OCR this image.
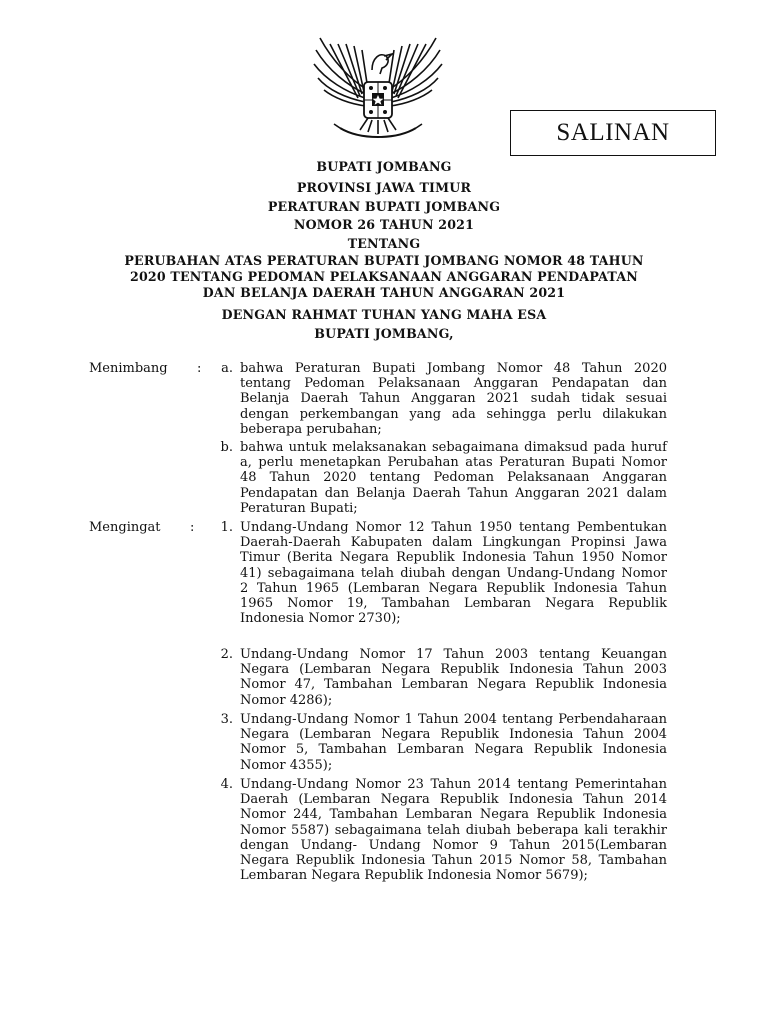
SALINAN
BUPATI JOMBANG
PROVINSI JAWA TIMUR
PERATURAN BUPATI JOMBANG
NOMOR 26 TAHUN 2021
TENTANG
PERUBAHAN ATAS PERATURAN BUPATI JOMBANG NOMOR 48 TAHUN
2020 TENTANG PEDOMAN PELAKSANAAN ANGGARAN PENDAPATAN
DAN BELANJA DAERAH TAHUN ANGGARAN 2021
DENGAN RAHMAT TUHAN YANG MAHA ESA
BUPATI JOMBANG,
Menimbang :	a. bahwa Peraturan Bupati Jombang Nomor 48 Tahun 2020 tentang Pedoman Pelaksanaan Anggaran Pendapatan dan Belanja Daerah Tahun Anggaran 2021 sudah tidak sesuai dengan perkembangan yang ada sehingga perlu dilakukan beberapa perubahan;
b. bahwa untuk melaksanakan sebagaimana dimaksud pada huruf a, perlu menetapkan Perubahan atas Peraturan Bupati Nomor 48 Tahun 2020 tentang Pedoman Pelaksanaan Anggaran Pendapatan dan Belanja Daerah Tahun Anggaran 2021 dalam Peraturan Bupati;
Mengingat :	1. Undang-Undang Nomor 12 Tahun 1950 tentang Pembentukan Daerah-Daerah Kabupaten dalam Lingkungan Propinsi Jawa Timur (Berita Negara Republik Indonesia Tahun 1950 Nomor 41) sebagaimana telah diubah dengan Undang-Undang Nomor 2 Tahun 1965 (Lembaran Negara Republik Indonesia Tahun 1965 Nomor 19, Tambahan Lembaran Negara Republik Indonesia Nomor 2730);
2. Undang-Undang Nomor 17 Tahun 2003 tentang Keuangan Negara (Lembaran Negara Republik Indonesia Tahun 2003 Nomor 47, Tambahan Lembaran Negara Republik Indonesia Nomor 4286);
3. Undang-Undang Nomor 1 Tahun 2004 tentang Perbendaharaan Negara (Lembaran Negara Republik Indonesia Tahun 2004 Nomor 5, Tambahan Lembaran Negara Republik Indonesia Nomor 4355);
4. Undang-Undang Nomor 23 Tahun 2014 tentang Pemerintahan Daerah (Lembaran Negara Republik Indonesia Tahun 2014 Nomor 244, Tambahan Lembaran Negara Republik Indonesia Nomor 5587) sebagaimana telah diubah beberapa kali terakhir dengan Undang- Undang Nomor 9 Tahun 2015(Lembaran Negara Republik Indonesia Tahun 2015 Nomor 58, Tambahan Lembaran Negara Republik Indonesia Nomor 5679);
